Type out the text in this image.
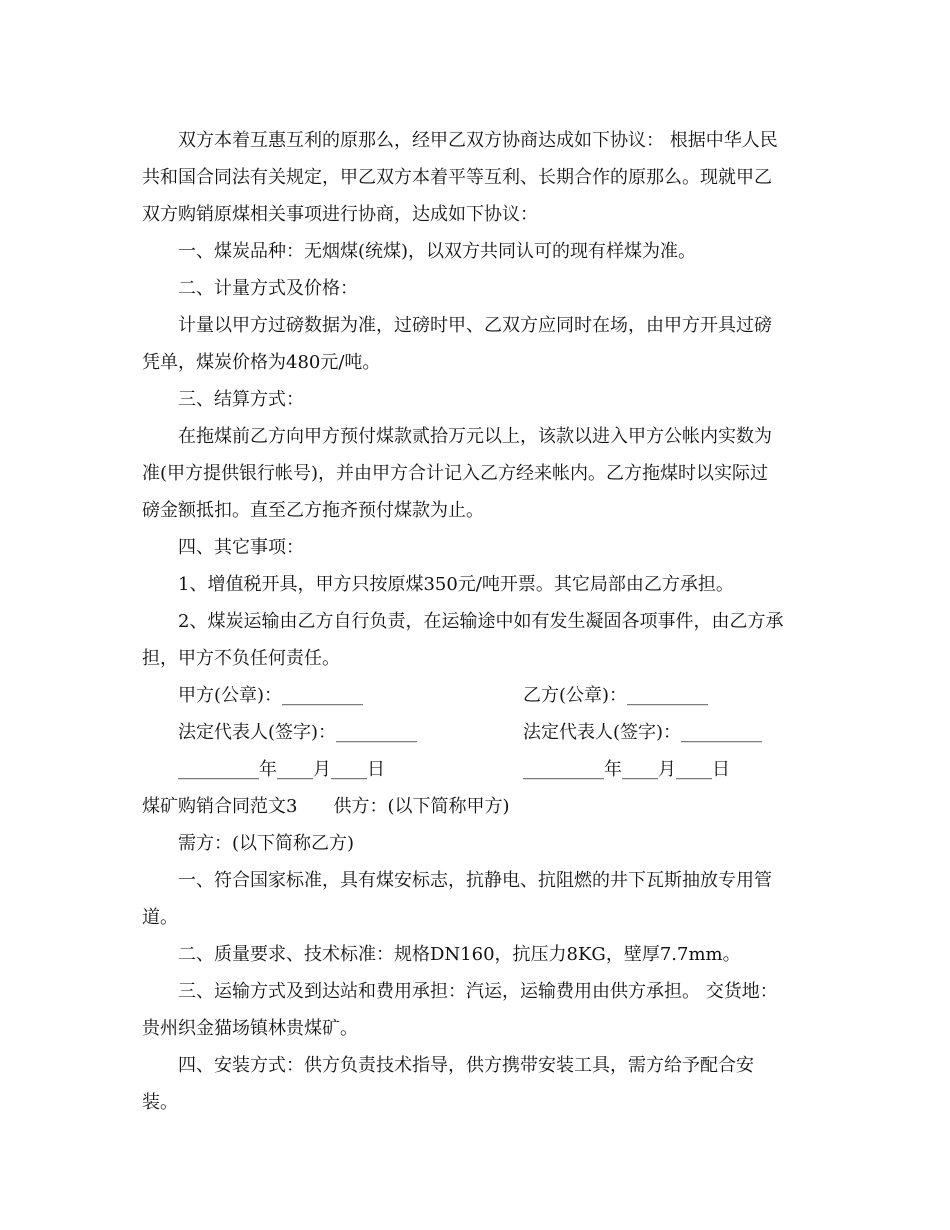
双方本着互惠互利的原那么，经甲乙双方协商达成如下协议： 根据中华人民

共和国合同法有关规定，甲乙双方本着平等互利、长期合作的原那么。现就甲乙

双方购销原煤相关事项进行协商，达成如下协议：

一、煤炭品种：无烟煤(统煤)，以双方共同认可的现有样煤为准。

二、计量方式及价格：

计量以甲方过磅数据为准，过磅时甲、乙双方应同时在场，由甲方开具过磅

凭单，煤炭价格为480元/吨。

三、结算方式：

在拖煤前乙方向甲方预付煤款贰拾万元以上，该款以进入甲方公帐内实数为

准(甲方提供银行帐号)，并由甲方合计记入乙方经来帐内。乙方拖煤时以实际过

磅金额抵扣。直至乙方拖齐预付煤款为止。

四、其它事项：

1、增值税开具，甲方只按原煤350元/吨开票。其它局部由乙方承担。

2、煤炭运输由乙方自行负责，在运输途中如有发生凝固各项事件，由乙方承

担，甲方不负任何责任。

甲方(公章)：_________	乙方(公章)：_________

法定代表人(签字)：_________	法定代表人(签字)：_________

_________年____月____日	_________年____月____日

煤矿购销合同范文3　　供方：(以下简称甲方)

需方：(以下简称乙方)

一、符合国家标准，具有煤安标志，抗静电、抗阻燃的井下瓦斯抽放专用管

道。

二、质量要求、技术标准：规格DN160，抗压力8KG，壁厚7.7mm。

三、运输方式及到达站和费用承担：汽运，运输费用由供方承担。 交货地：

贵州织金猫场镇林贵煤矿。

四、安装方式：供方负责技术指导，供方携带安装工具，需方给予配合安

装。
